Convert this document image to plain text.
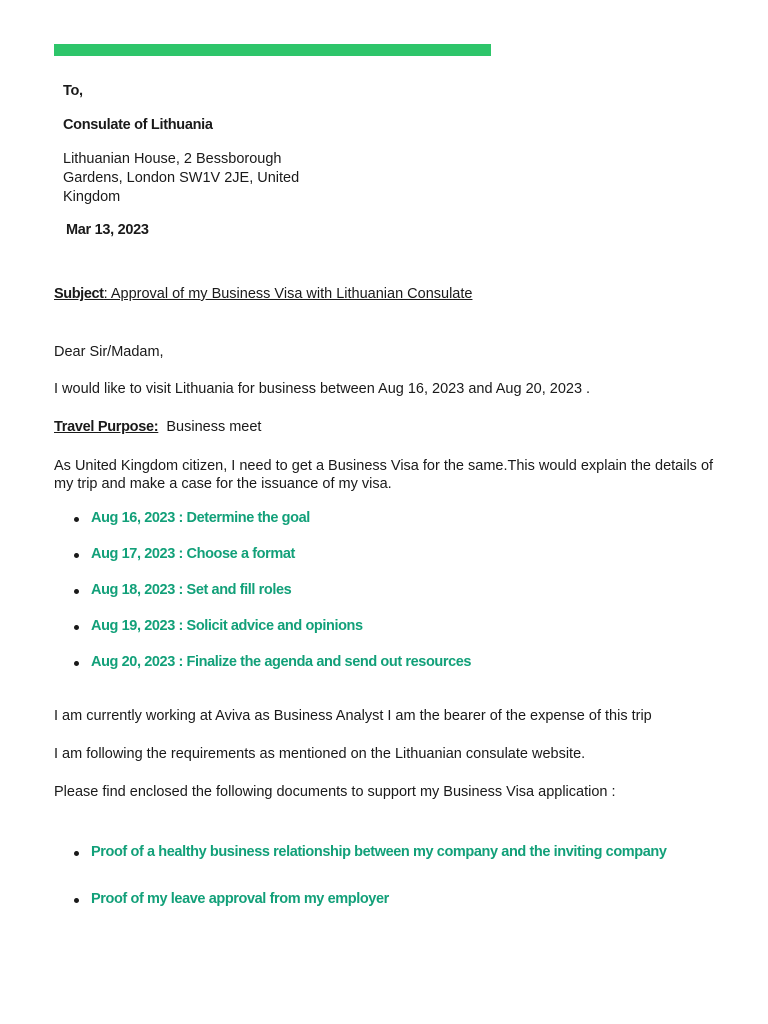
To,
Consulate of Lithuania
Lithuanian House, 2 Bessborough Gardens, London SW1V 2JE, United Kingdom
Mar 13, 2023
Subject: Approval of my Business Visa with Lithuanian Consulate
Dear Sir/Madam,
I would like to visit Lithuania for business between Aug 16, 2023 and Aug 20, 2023 .
Travel Purpose: Business meet
As United Kingdom citizen, I need to get a Business Visa for the same.This would explain the details of my trip and make a case for the issuance of my visa.
Aug 16, 2023 : Determine the goal
Aug 17, 2023 : Choose a format
Aug 18, 2023 : Set and fill roles
Aug 19, 2023 : Solicit advice and opinions
Aug 20, 2023 : Finalize the agenda and send out resources
I am currently working at Aviva as Business Analyst I am the bearer of the expense of this trip
I am following the requirements as mentioned on the Lithuanian consulate website.
Please find enclosed the following documents to support my Business Visa application :
Proof of a healthy business relationship between my company and the inviting company
Proof of my leave approval from my employer
